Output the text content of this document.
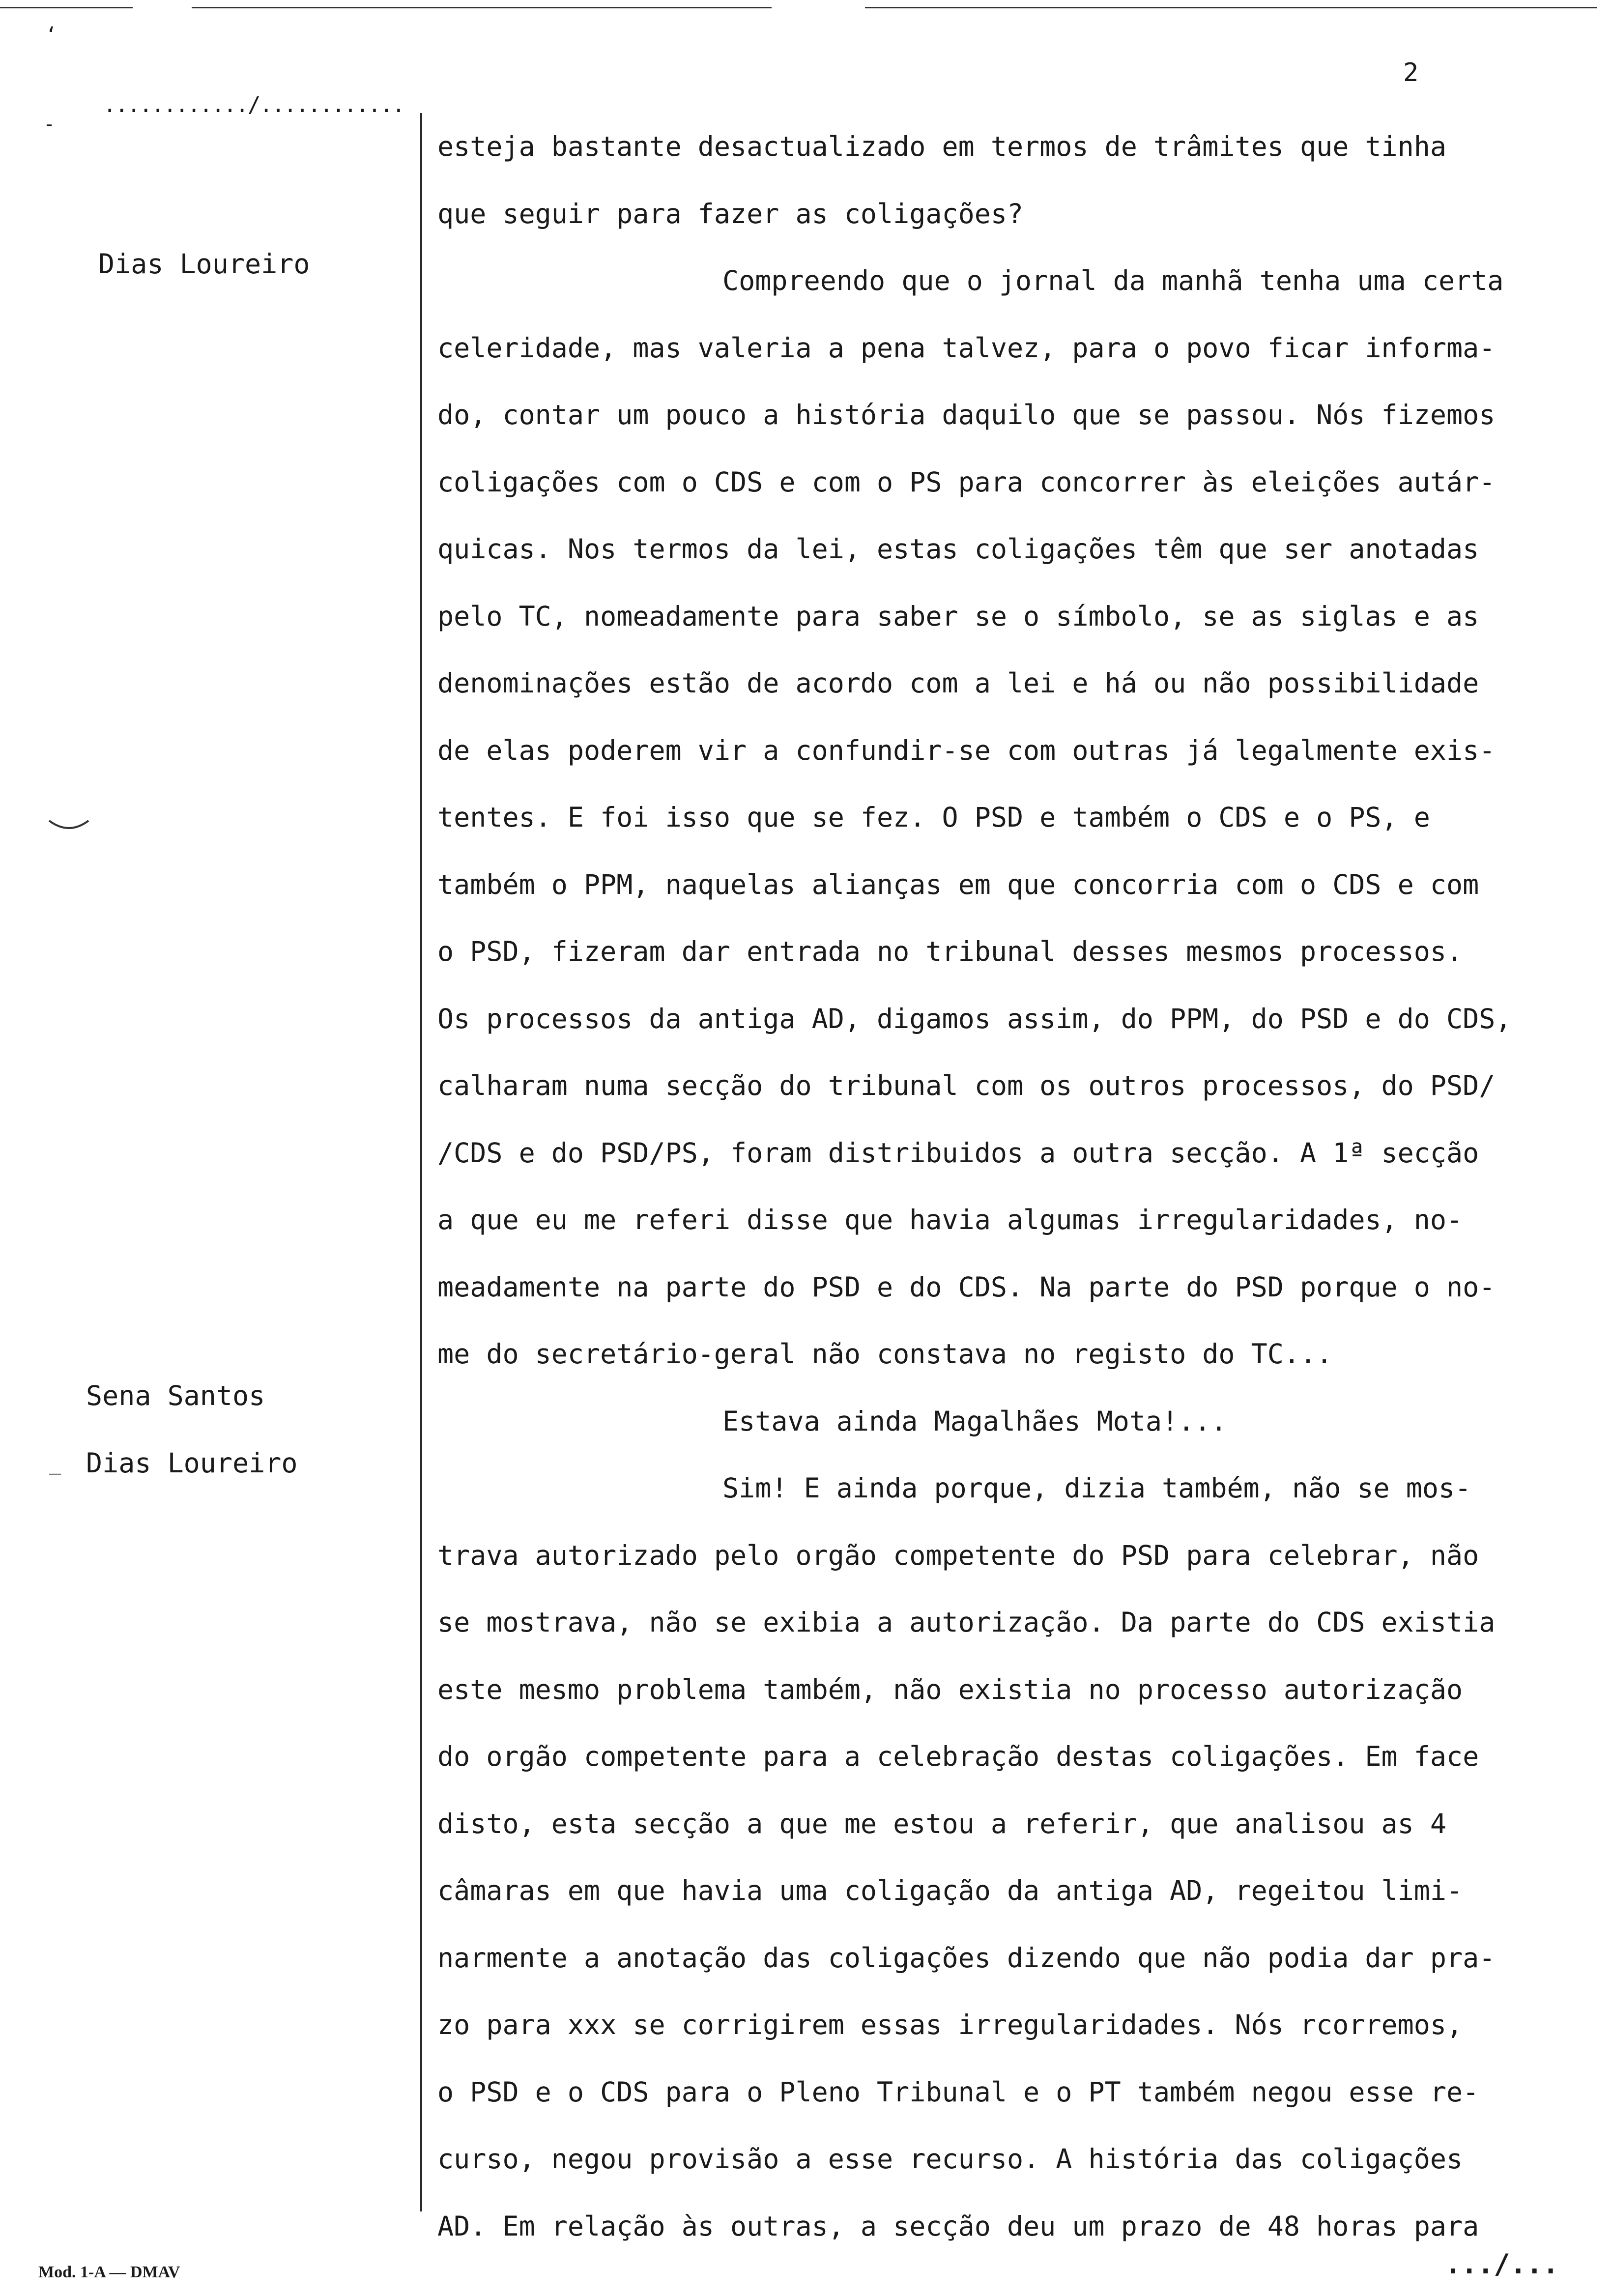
‘
-
2
............/............
Dias Loureiro
Sena Santos
Dias Loureiro
_
esteja bastante desactualizado em termos de trâmites que tinha
que seguir para fazer as coligações?
Compreendo que o jornal da manhã tenha uma certa
celeridade, mas valeria a pena talvez, para o povo ficar informa-
do, contar um pouco a história daquilo que se passou. Nós fizemos
coligações com o CDS e com o PS para concorrer às eleições autár-
quicas. Nos termos da lei, estas coligações têm que ser anotadas
pelo TC, nomeadamente para saber se o símbolo, se as siglas e as
denominações estão de acordo com a lei e há ou não possibilidade
de elas poderem vir a confundir-se com outras já legalmente exis-
tentes. E foi isso que se fez. O PSD e também o CDS e o PS, e
também o PPM, naquelas alianças em que concorria com o CDS e com
o PSD, fizeram dar entrada no tribunal desses mesmos processos.
Os processos da antiga AD, digamos assim, do PPM, do PSD e do CDS,
calharam numa secção do tribunal com os outros processos, do PSD/
/CDS e do PSD/PS, foram distribuidos a outra secção. A 1ª secção
a que eu me referi disse que havia algumas irregularidades, no-
meadamente na parte do PSD e do CDS. Na parte do PSD porque o no-
me do secretário-geral não constava no registo do TC...
Estava ainda Magalhães Mota!...
Sim! E ainda porque, dizia também, não se mos-
trava autorizado pelo orgão competente do PSD para celebrar, não
se mostrava, não se exibia a autorização. Da parte do CDS existia
este mesmo problema também, não existia no processo autorização
do orgão competente para a celebração destas coligações. Em face
disto, esta secção a que me estou a referir, que analisou as 4
câmaras em que havia uma coligação da antiga AD, regeitou limi-
narmente a anotação das coligações dizendo que não podia dar pra-
zo para xxx se corrigirem essas irregularidades. Nós rcorremos,
o PSD e o CDS para o Pleno Tribunal e o PT também negou esse re-
curso, negou provisão a esse recurso. A história das coligações
AD. Em relação às outras, a secção deu um prazo de 48 horas para
Mod. 1-A — DMAV	.../...
